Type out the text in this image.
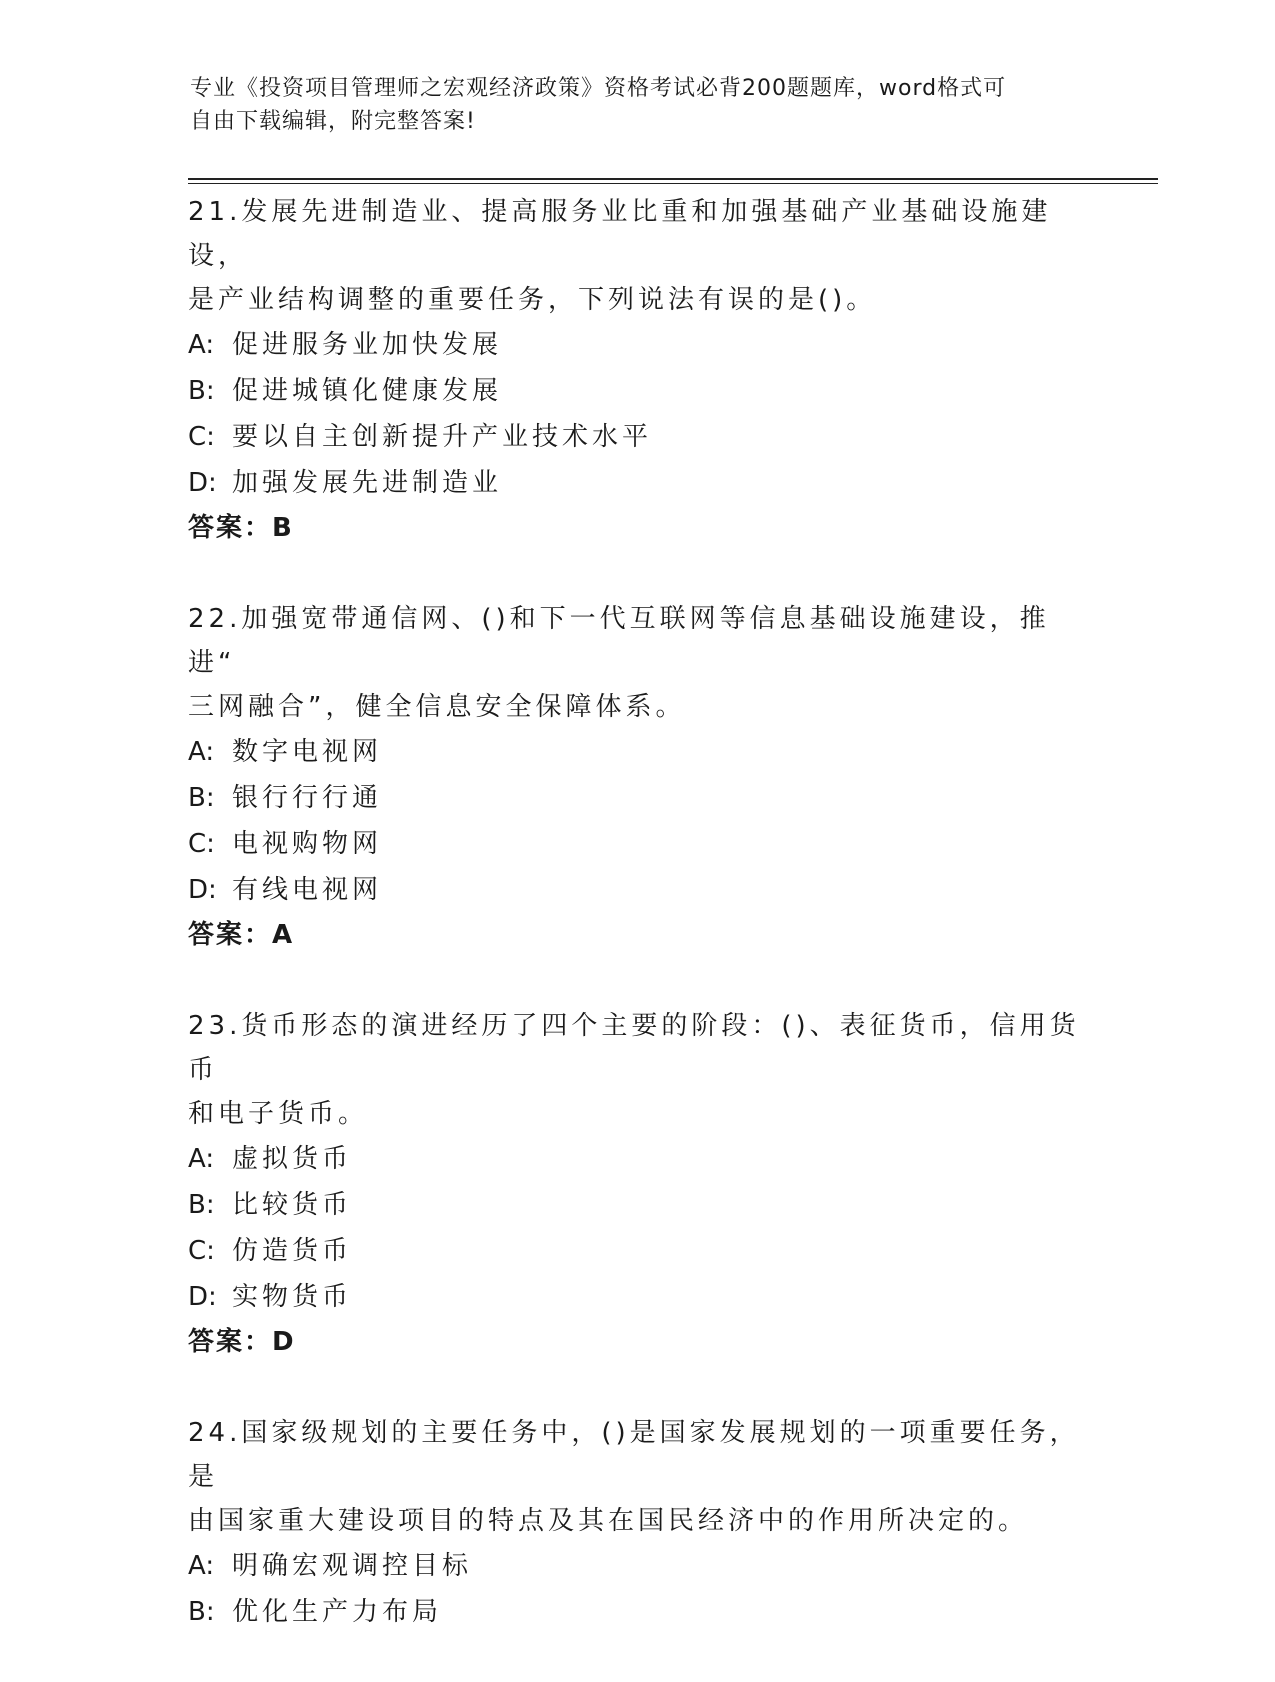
专业《投资项目管理师之宏观经济政策》资格考试必背200题题库，word格式可
自由下载编辑，附完整答案!
21.发展先进制造业、提高服务业比重和加强基础产业基础设施建设，
是产业结构调整的重要任务，下列说法有误的是()。
A: 促进服务业加快发展
B: 促进城镇化健康发展
C: 要以自主创新提升产业技术水平
D: 加强发展先进制造业
答案：B
22.加强宽带通信网、()和下一代互联网等信息基础设施建设，推进“
三网融合”，健全信息安全保障体系。
A: 数字电视网
B: 银行行行通
C: 电视购物网
D: 有线电视网
答案：A
23.货币形态的演进经历了四个主要的阶段：()、表征货币，信用货币
和电子货币。
A: 虚拟货币
B: 比较货币
C: 仿造货币
D: 实物货币
答案：D
24.国家级规划的主要任务中，()是国家发展规划的一项重要任务，是
由国家重大建设项目的特点及其在国民经济中的作用所决定的。
A: 明确宏观调控目标
B: 优化生产力布局
